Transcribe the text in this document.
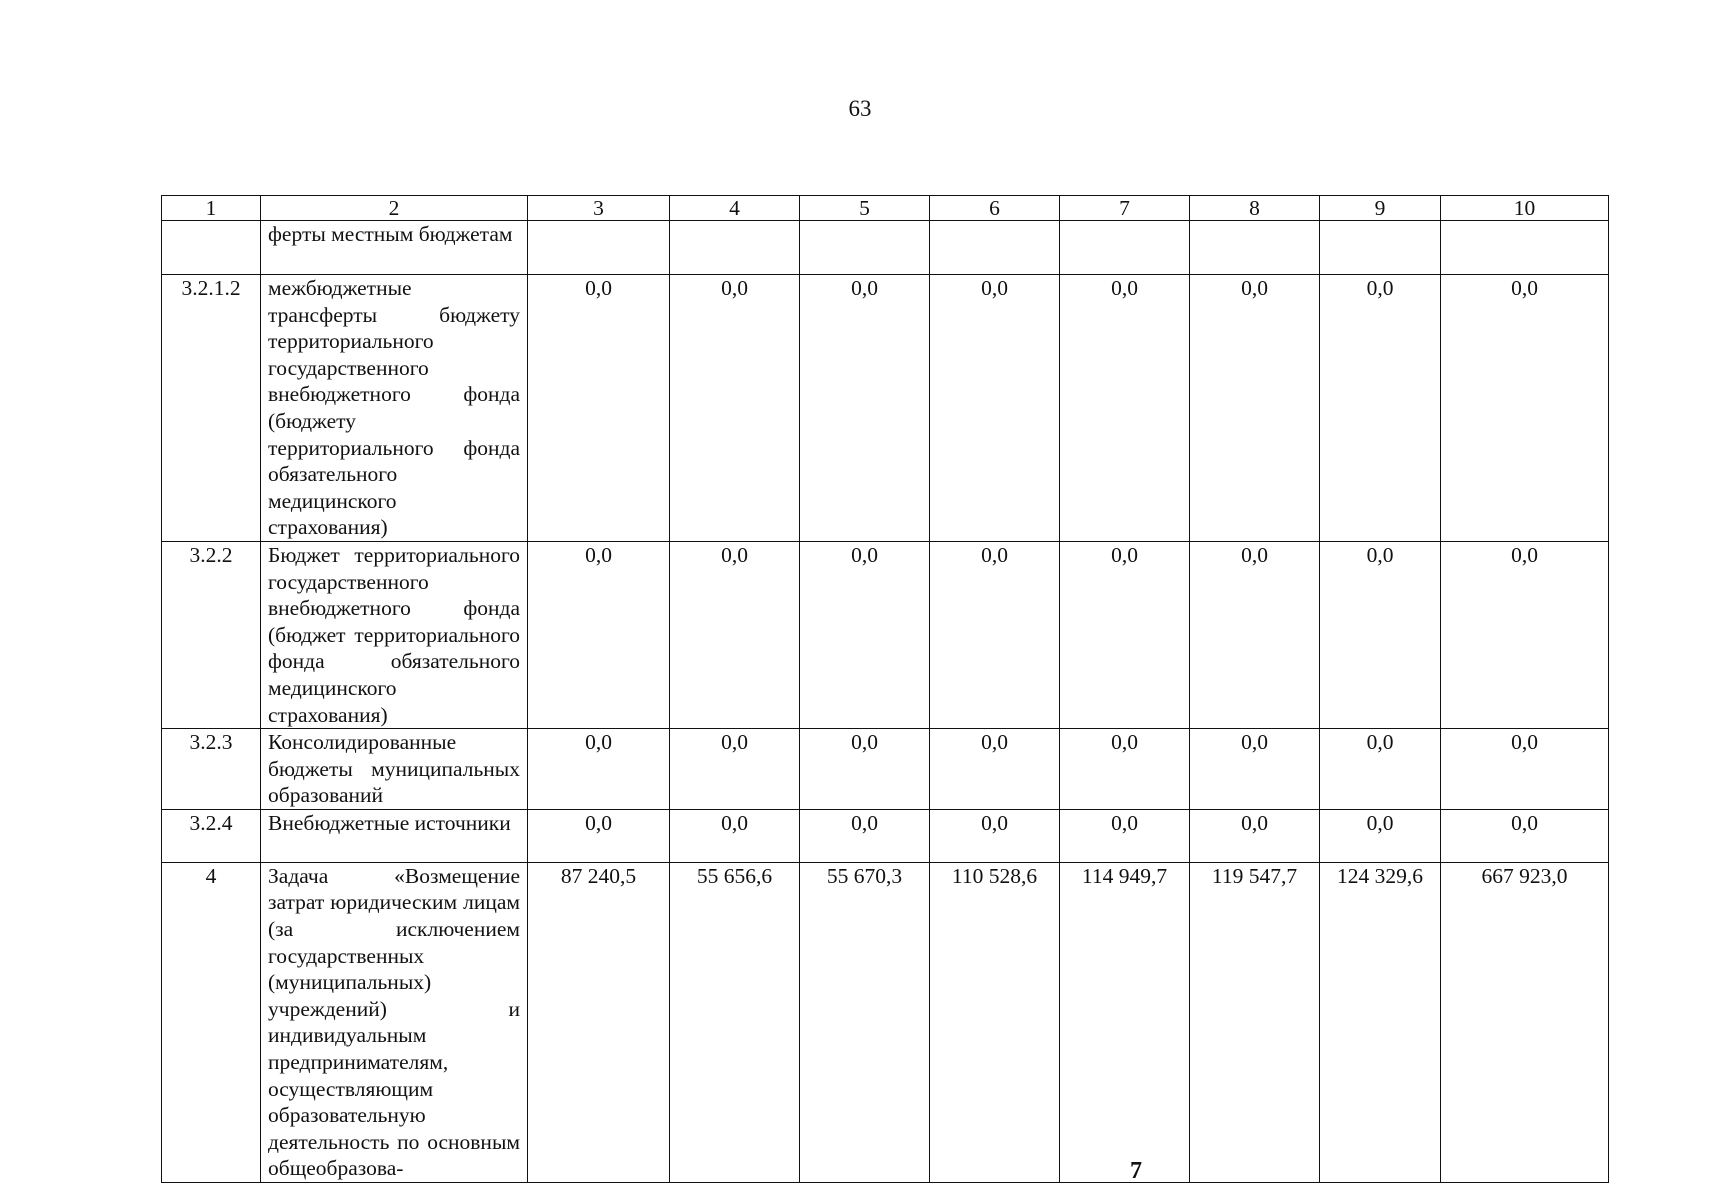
63
1	2	3	4	5	6	7	8	9	10

	ферты местным бюджетам								

3.2.1.2	межбюджетные трансферты бюджету территориального государственного внебюджетного фонда (бюджету территориального фонда обязательного медицинского страхования)	0,0	0,0	0,0	0,0	0,0	0,0	0,0	0,0
3.2.2	Бюджет территориального государственного внебюджетного фонда (бюджет территориального фонда обязательного медицинского страхования)	0,0	0,0	0,0	0,0	0,0	0,0	0,0	0,0
3.2.3	Консолидированные бюджеты муниципальных образований	0,0	0,0	0,0	0,0	0,0	0,0	0,0	0,0
3.2.4	Внебюджетные источники	0,0	0,0	0,0	0,0	0,0	0,0	0,0	0,0
4	Задача «Возмещение затрат юридическим лицам (за исключением государственных (муниципальных) учреждений) и индивидуальным предпринимателям, осуществляющим образовательную деятельность по основным общеобразова-	87 240,5	55 656,6	55 670,3	110 528,6	114 949,7	119 547,7	124 329,6	667 923,0
7
